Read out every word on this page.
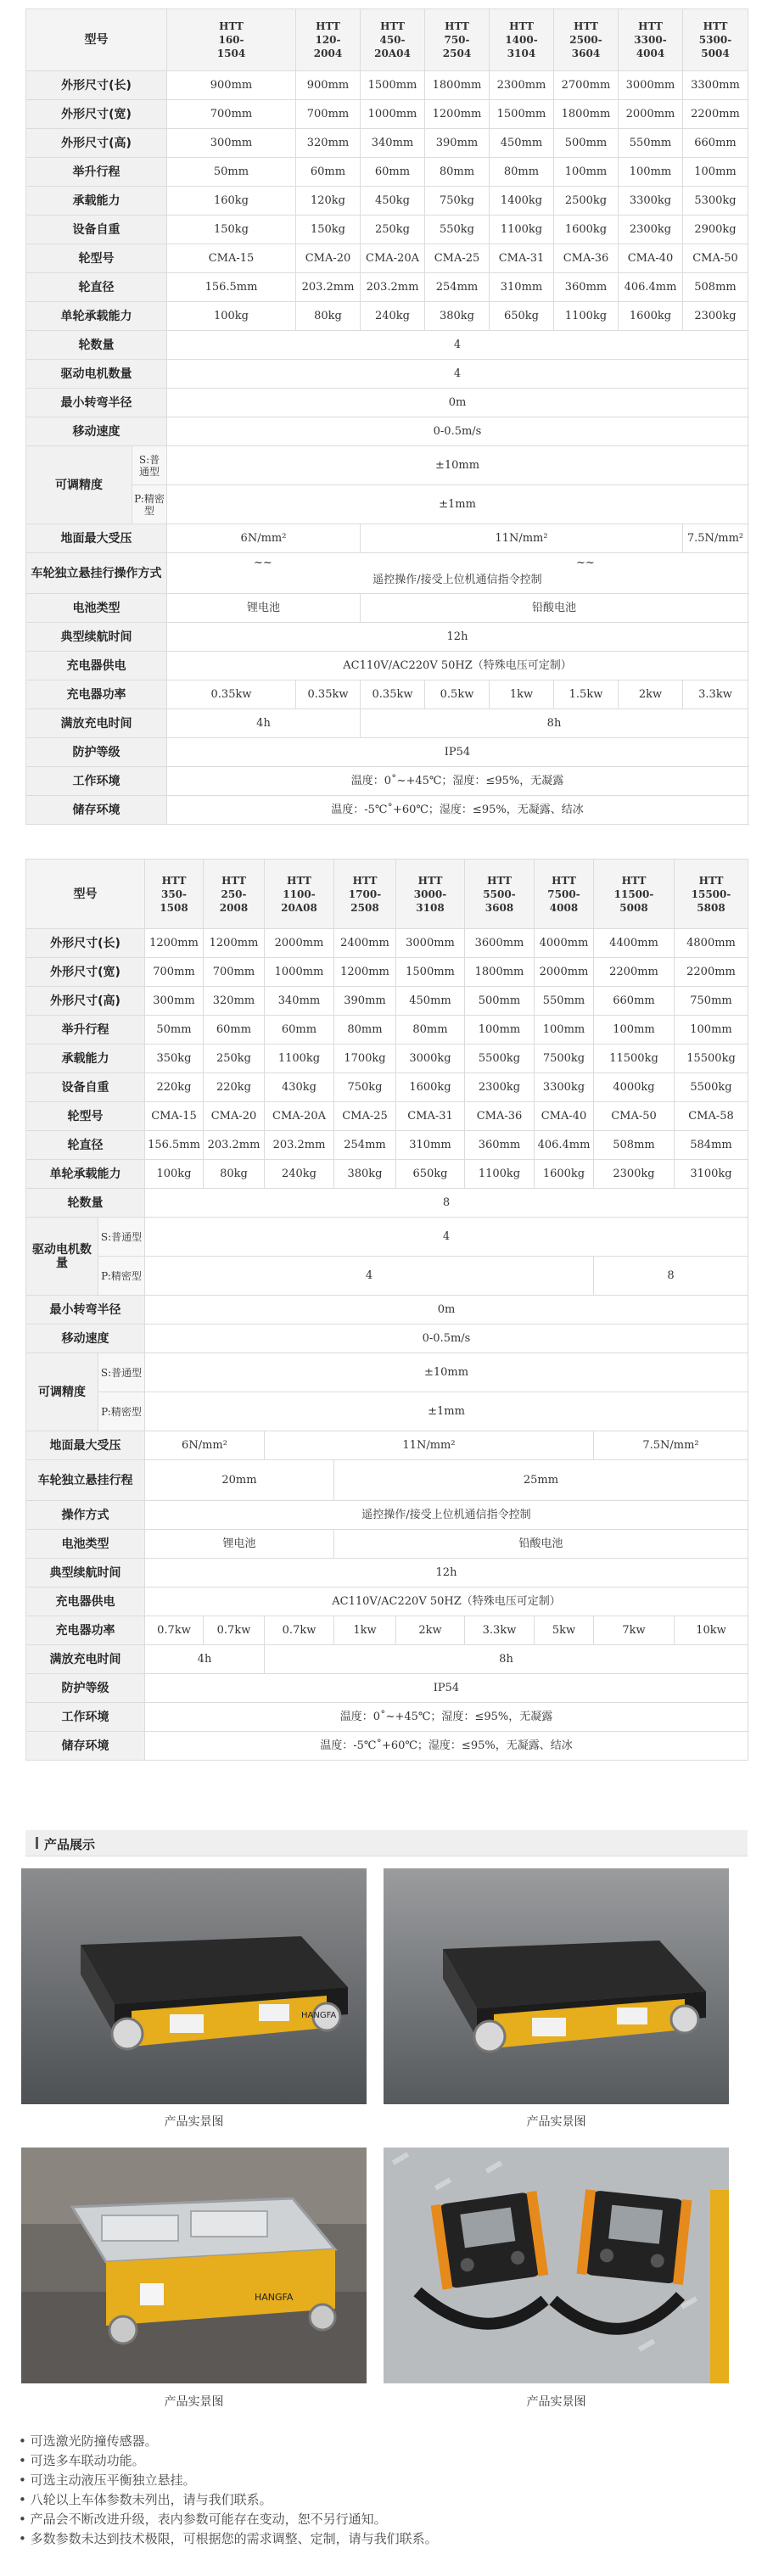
型号		HTT
160-
1504	HTT
120-
2004	HTT
450-
20A04	HTT
750-
2504	HTT
1400-
3104	HTT
2500-
3604	HTT
3300-
4004	HTT
5300-
5004	
外形尺寸(长)		900mm	900mm	1500mm	1800mm	2300mm	2700mm	3000mm	3300mm	
外形尺寸(宽)		700mm	700mm	1000mm	1200mm	1500mm	1800mm	2000mm	2200mm	
外形尺寸(高)		300mm	320mm	340mm	390mm	450mm	500mm	550mm	660mm	
举升行程		50mm	60mm	60mm	80mm	80mm	100mm	100mm	100mm	
承载能力		160kg	120kg	450kg	750kg	1400kg	2500kg	3300kg	5300kg	
设备自重		150kg	150kg	250kg	550kg	1100kg	1600kg	2300kg	2900kg	
轮型号		CMA-15	CMA-20	CMA-20A	CMA-25	CMA-31	CMA-36	CMA-40	CMA-50	
轮直径		156.5mm	203.2mm	203.2mm	254mm	310mm	360mm	406.4mm	508mm	
单轮承载能力		100kg	80kg	240kg	380kg	650kg	1100kg	1600kg	2300kg	
轮数量		4								
驱动电机数量		4								
最小转弯半径		0m								
移动速度		0-0.5m/s								
可调精度	S:普通型	±10mm								
	P:精密型	±1mm								
地面最大受压		6N/mm²		11N/mm²					7.5N/mm²	
车轮独立悬挂行操作方式		~~ ~~
遥控操作/接受上位机通信指令控制								

电池类型		锂电池		铅酸电池						
典型续航时间		12h								
充电器供电		AC110V/AC220V 50HZ（特殊电压可定制）								
充电器功率		0.35kw	0.35kw	0.35kw	0.5kw	1kw	1.5kw	2kw	3.3kw	
满放充电时间		4h		8h						
防护等级		IP54								
工作环境		温度：0˚~+45℃；湿度：≤95%，无凝露								
储存环境		温度：-5℃˚+60℃；湿度：≤95%，无凝露、结冰								
型号		HTT
350-
1508	HTT
250-
2008	HTT
1100-
20A08	HTT
1700-
2508	HTT
3000-
3108	HTT
5500-
3608	HTT
7500-
4008	HTT
11500-
5008	HTT
15500-
5808
外形尺寸(长)		1200mm	1200mm	2000mm	2400mm	3000mm	3600mm	4000mm	4400mm	4800mm
外形尺寸(宽)		700mm	700mm	1000mm	1200mm	1500mm	1800mm	2000mm	2200mm	2200mm
外形尺寸(高)		300mm	320mm	340mm	390mm	450mm	500mm	550mm	660mm	750mm
举升行程		50mm	60mm	60mm	80mm	80mm	100mm	100mm	100mm	100mm
承载能力		350kg	250kg	1100kg	1700kg	3000kg	5500kg	7500kg	11500kg	15500kg
设备自重		220kg	220kg	430kg	750kg	1600kg	2300kg	3300kg	4000kg	5500kg
轮型号		CMA-15	CMA-20	CMA-20A	CMA-25	CMA-31	CMA-36	CMA-40	CMA-50	CMA-58
轮直径		156.5mm	203.2mm	203.2mm	254mm	310mm	360mm	406.4mm	508mm	584mm
单轮承载能力		100kg	80kg	240kg	380kg	650kg	1100kg	1600kg	2300kg	3100kg
轮数量		8								
驱动电机数量	S:普通型	4								
	P:精密型	4							8	
最小转弯半径		0m								
移动速度		0-0.5m/s								
可调精度	S:普通型	±10mm								
	P:精密型	±1mm								
地面最大受压		6N/mm²		11N/mm²					7.5N/mm²	
车轮独立悬挂行程		20mm			25mm					
操作方式		遥控操作/接受上位机通信指令控制								
电池类型		锂电池			铅酸电池					
典型续航时间		12h								
充电器供电		AC110V/AC220V 50HZ（特殊电压可定制）								
充电器功率		0.7kw	0.7kw	0.7kw	1kw	2kw	3.3kw	5kw	7kw	10kw
满放充电时间		4h		8h						
防护等级		IP54								
工作环境		温度：0˚~+45℃；湿度：≤95%，无凝露								
储存环境		温度：-5℃˚+60℃；湿度：≤95%，无凝露、结冰								
产品展示
HANGFA
产品实景图	产品实景图
HANGFA
产品实景图	产品实景图
• 可选激光防撞传感器。
• 可选多车联动功能。
• 可选主动液压平衡独立悬挂。
• 八轮以上车体参数未列出，请与我们联系。
• 产品会不断改进升级，表内参数可能存在变动，恕不另行通知。
• 多数参数未达到技术极限，可根据您的需求调整、定制，请与我们联系。
